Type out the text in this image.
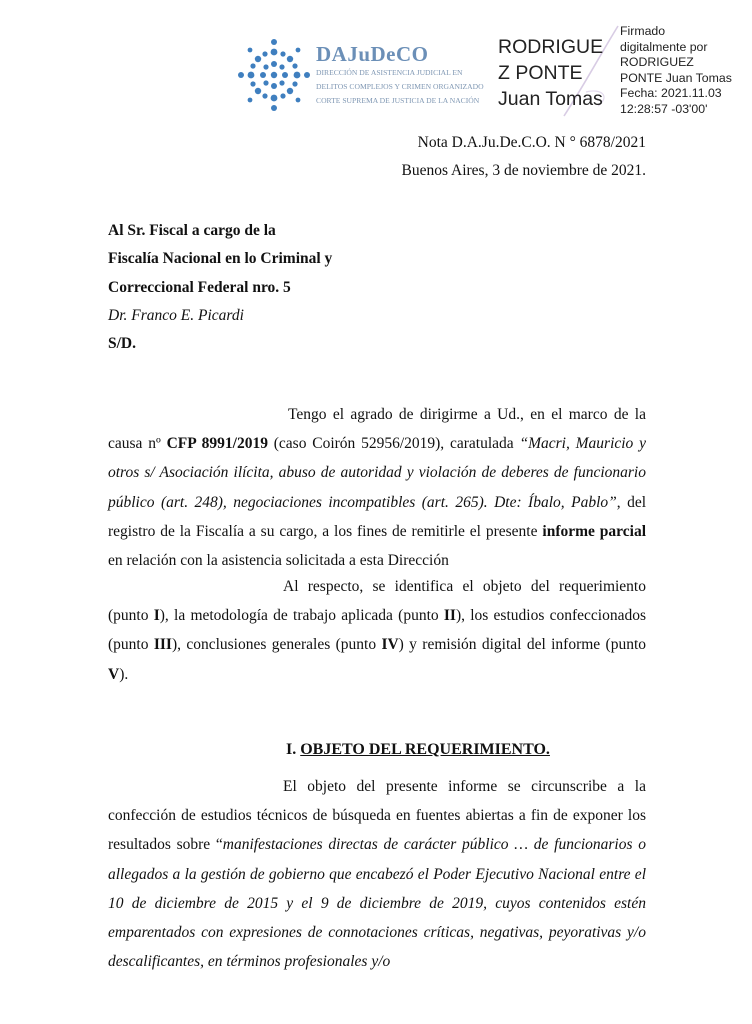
DAJuDeCO
DIRECCIÓN DE ASISTENCIA JUDICIAL EN
DELITOS COMPLEJOS Y CRIMEN ORGANIZADO
CORTE SUPREMA DE JUSTICIA DE LA NACIÓN
RODRIGUE
Z PONTE
Juan Tomas
Firmado
digitalmente por
RODRIGUEZ
PONTE Juan Tomas
Fecha: 2021.11.03
12:28:57 -03'00'
Nota D.A.Ju.De.C.O. N ° 6878/2021
Buenos Aires, 3 de noviembre de 2021.
Al Sr. Fiscal a cargo de la
Fiscalía Nacional en lo Criminal y
Correccional Federal nro. 5
Dr. Franco E. Picardi
S/D.
Tengo el agrado de dirigirme a Ud., en el marco de la causa nº CFP 8991/2019 (caso Coirón 52956/2019), caratulada “Macri, Mauricio y otros s/ Asociación ilícita, abuso de autoridad y violación de deberes de funcionario público (art. 248), negociaciones incompatibles (art. 265). Dte: Íbalo, Pablo”, del registro de la Fiscalía a su cargo, a los fines de remitirle el presente informe parcial en relación con la asistencia solicitada a esta Dirección
Al respecto, se identifica el objeto del requerimiento (punto I), la metodología de trabajo aplicada (punto II), los estudios confeccionados (punto III), conclusiones generales (punto IV) y remisión digital del informe (punto V).
I. OBJETO DEL REQUERIMIENTO.
El objeto del presente informe se circunscribe a la confección de estudios técnicos de búsqueda en fuentes abiertas a fin de exponer los resultados sobre “manifestaciones directas de carácter público … de funcionarios o allegados a la gestión de gobierno que encabezó el Poder Ejecutivo Nacional entre el 10 de diciembre de 2015 y el 9 de diciembre de 2019, cuyos contenidos estén emparentados con expresiones de connotaciones críticas, negativas, peyorativas y/o descalificantes, en términos profesionales y/o
